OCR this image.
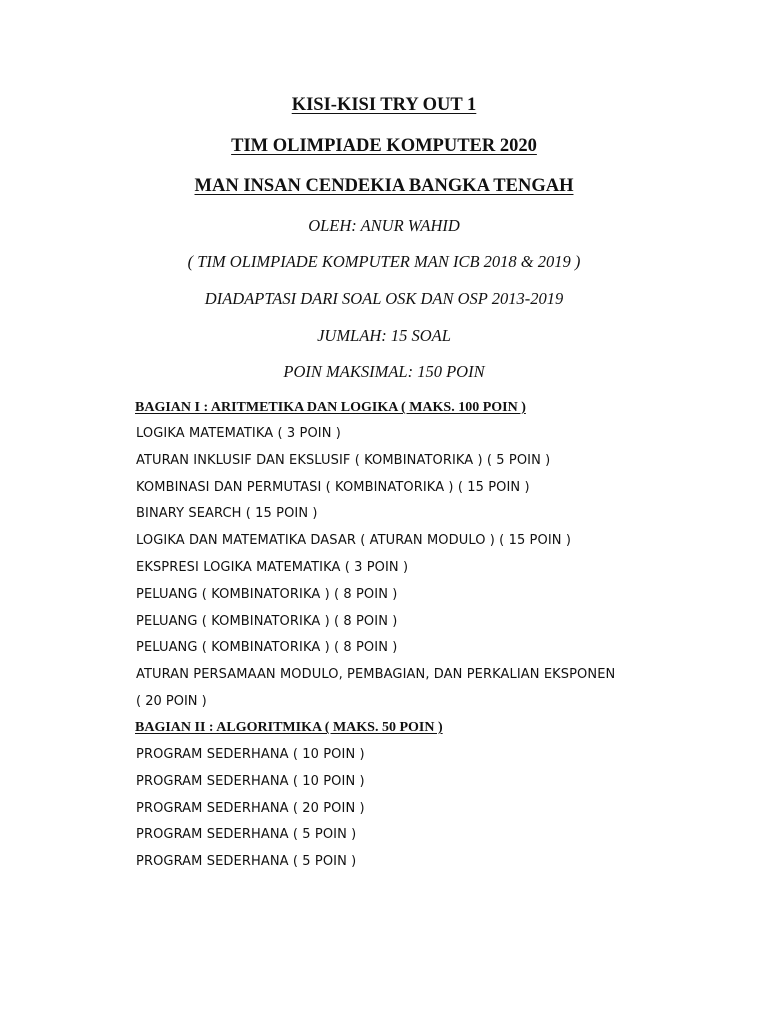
KISI-KISI TRY OUT 1
TIM OLIMPIADE KOMPUTER 2020
MAN INSAN CENDEKIA BANGKA TENGAH
OLEH: ANUR WAHID
( TIM OLIMPIADE KOMPUTER MAN ICB 2018 & 2019 )
DIADAPTASI DARI SOAL OSK DAN OSP 2013-2019
JUMLAH: 15 SOAL
POIN MAKSIMAL: 150 POIN
BAGIAN I : ARITMETIKA DAN LOGIKA ( MAKS. 100 POIN )
LOGIKA MATEMATIKA ( 3 POIN )
ATURAN INKLUSIF DAN EKSLUSIF ( KOMBINATORIKA ) ( 5 POIN )
KOMBINASI DAN PERMUTASI ( KOMBINATORIKA ) ( 15 POIN )
BINARY SEARCH ( 15 POIN )
LOGIKA DAN MATEMATIKA DASAR ( ATURAN MODULO ) ( 15 POIN )
EKSPRESI LOGIKA MATEMATIKA ( 3 POIN )
PELUANG ( KOMBINATORIKA ) ( 8 POIN )
PELUANG ( KOMBINATORIKA ) ( 8 POIN )
PELUANG ( KOMBINATORIKA ) ( 8 POIN )
ATURAN PERSAMAAN MODULO, PEMBAGIAN, DAN PERKALIAN EKSPONEN
( 20 POIN )
BAGIAN II : ALGORITMIKA ( MAKS. 50 POIN )
PROGRAM SEDERHANA ( 10 POIN )
PROGRAM SEDERHANA ( 10 POIN )
PROGRAM SEDERHANA ( 20 POIN )
PROGRAM SEDERHANA ( 5 POIN )
PROGRAM SEDERHANA ( 5 POIN )
